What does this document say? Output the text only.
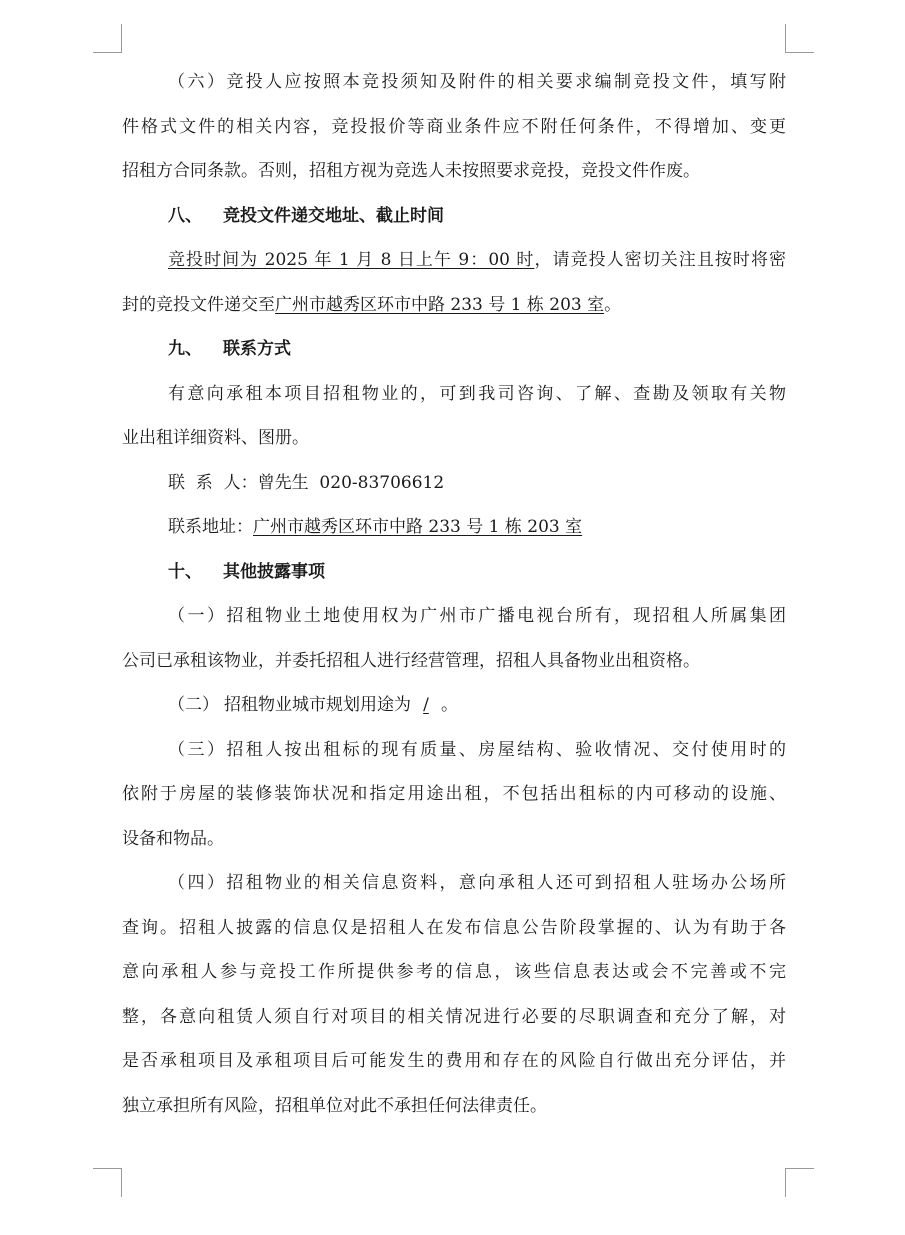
（六）竞投人应按照本竞投须知及附件的相关要求编制竞投文件，填写附
件格式文件的相关内容，竞投报价等商业条件应不附任何条件，不得增加、变更
招租方合同条款。否则，招租方视为竞选人未按照要求竞投，竞投文件作废。
八、 竞投文件递交地址、截止时间
竞投时间为 2025 年 1 月 8 日上午 9：00 时，请竞投人密切关注且按时将密
封的竞投文件递交至广州市越秀区环市中路 233 号 1 栋 203 室。
九、 联系方式
有意向承租本项目招租物业的，可到我司咨询、了解、查勘及领取有关物
业出租详细资料、图册。
联  系  人：曾先生  020-83706612
联系地址：广州市越秀区环市中路 233 号 1 栋 203 室
十、 其他披露事项
（一）招租物业土地使用权为广州市广播电视台所有，现招租人所属集团
公司已承租该物业，并委托招租人进行经营管理，招租人具备物业出租资格。
（二） 招租物业城市规划用途为 / 。
（三）招租人按出租标的现有质量、房屋结构、验收情况、交付使用时的
依附于房屋的装修装饰状况和指定用途出租，不包括出租标的内可移动的设施、
设备和物品。
（四）招租物业的相关信息资料，意向承租人还可到招租人驻场办公场所
查询。招租人披露的信息仅是招租人在发布信息公告阶段掌握的、认为有助于各
意向承租人参与竞投工作所提供参考的信息，该些信息表达或会不完善或不完
整，各意向租赁人须自行对项目的相关情况进行必要的尽职调查和充分了解，对
是否承租项目及承租项目后可能发生的费用和存在的风险自行做出充分评估，并
独立承担所有风险，招租单位对此不承担任何法律责任。
